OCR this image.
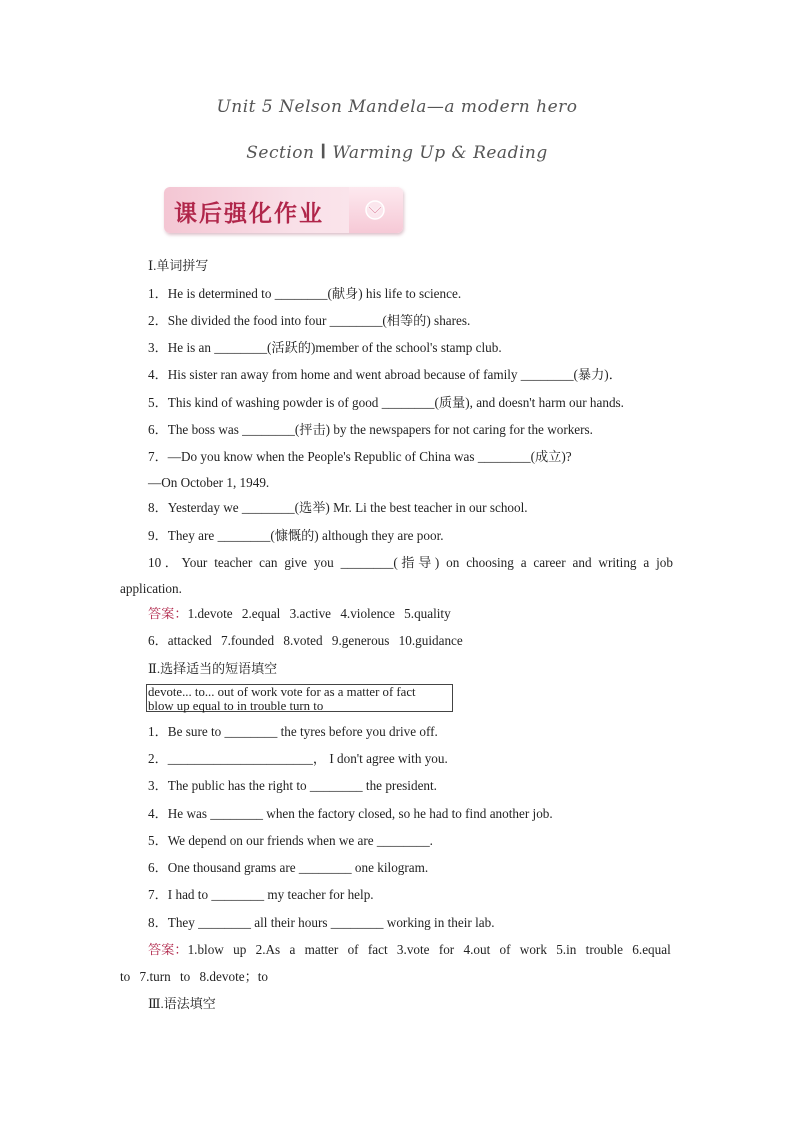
Unit 5 Nelson Mandela—a modern hero
Section Ⅰ Warming Up & Reading
课后强化作业
Ⅰ.单词拼写
1．He is determined to ________(献身) his life to science.
2．She divided the food into four ________(相等的) shares.
3．He is an ________(活跃的)member of the school's stamp club.
4．His sister ran away from home and went abroad because of family ________(暴力)．
5．This kind of washing powder is of good ________(质量), and doesn't harm our hands.
6．The boss was ________(抨击) by the newspapers for not caring for the workers.
7．—Do you know when the People's Republic of China was ________(成立)?
—On October 1, 1949.
8．Yesterday we ________(选举) Mr. Li the best teacher in our school.
9．They are ________(慷慨的) although they are poor.
10．Your teacher can give you ________(指导) on choosing a career and writing a job
application.
答案：1.devote 2.equal 3.active 4.violence 5.quality
6．attacked 7.founded 8.voted 9.generous 10.guidance
Ⅱ.选择适当的短语填空
devote... to... out of work vote for as a matter of fact
blow up equal to in trouble turn to
1．Be sure to ________ the tyres before you drive off.
2．______________________， I don't agree with you.
3．The public has the right to ________ the president.
4．He was ________ when the factory closed, so he had to find another job.
5．We depend on our friends when we are ________.
6．One thousand grams are ________ one kilogram.
7．I had to ________ my teacher for help.
8．They ________ all their hours ________ working in their lab.
答案：1.blow up 2.As a matter of fact 3.vote for 4.out of work 5.in trouble 6.equal
to 7.turn to 8.devote；to
Ⅲ.语法填空
